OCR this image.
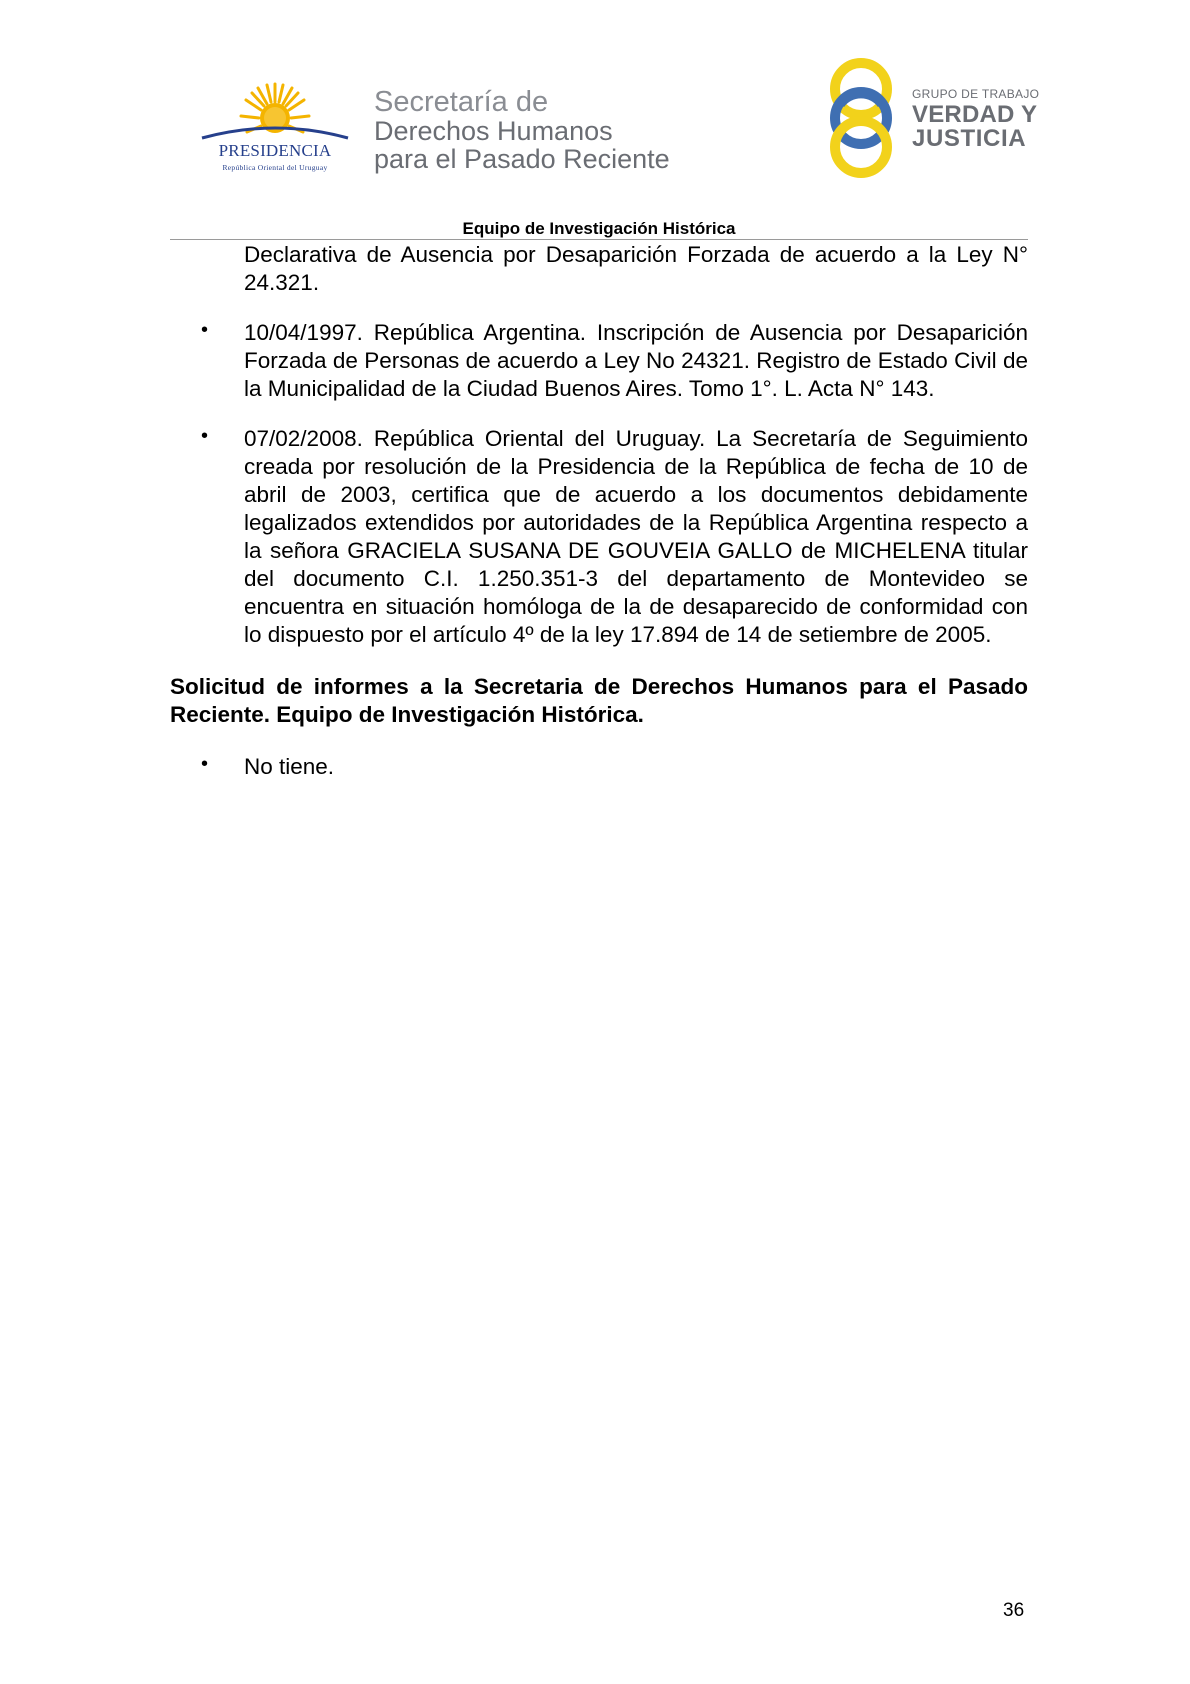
PRESIDENCIA
República Oriental del Uruguay
Secretaría de
Derechos Humanos
para el Pasado Reciente
GRUPO DE TRABAJO
VERDAD Y
JUSTICIA
Equipo de Investigación Histórica

Declarativa de Ausencia por Desaparición Forzada de acuerdo a la Ley N° 24.321.

• 10/04/1997. República Argentina. Inscripción de Ausencia por Desaparición Forzada de Personas de acuerdo a Ley No 24321. Registro de Estado Civil de la Municipalidad de la Ciudad Buenos Aires. Tomo 1°. L. Acta N° 143.

• 07/02/2008. República Oriental del Uruguay. La Secretaría de Seguimiento creada por resolución de la Presidencia de la República de fecha de 10 de abril de 2003, certifica que de acuerdo a los documentos debidamente legalizados extendidos por autoridades de la República Argentina respecto a la señora GRACIELA SUSANA DE GOUVEIA GALLO de MICHELENA titular del documento C.I. 1.250.351-3 del departamento de Montevideo se encuentra en situación homóloga de la de desaparecido de conformidad con lo dispuesto por el artículo 4º de la ley 17.894 de 14 de setiembre de 2005.

Solicitud de informes a la Secretaria de Derechos Humanos para el Pasado Reciente. Equipo de Investigación Histórica.

• No tiene.

36
